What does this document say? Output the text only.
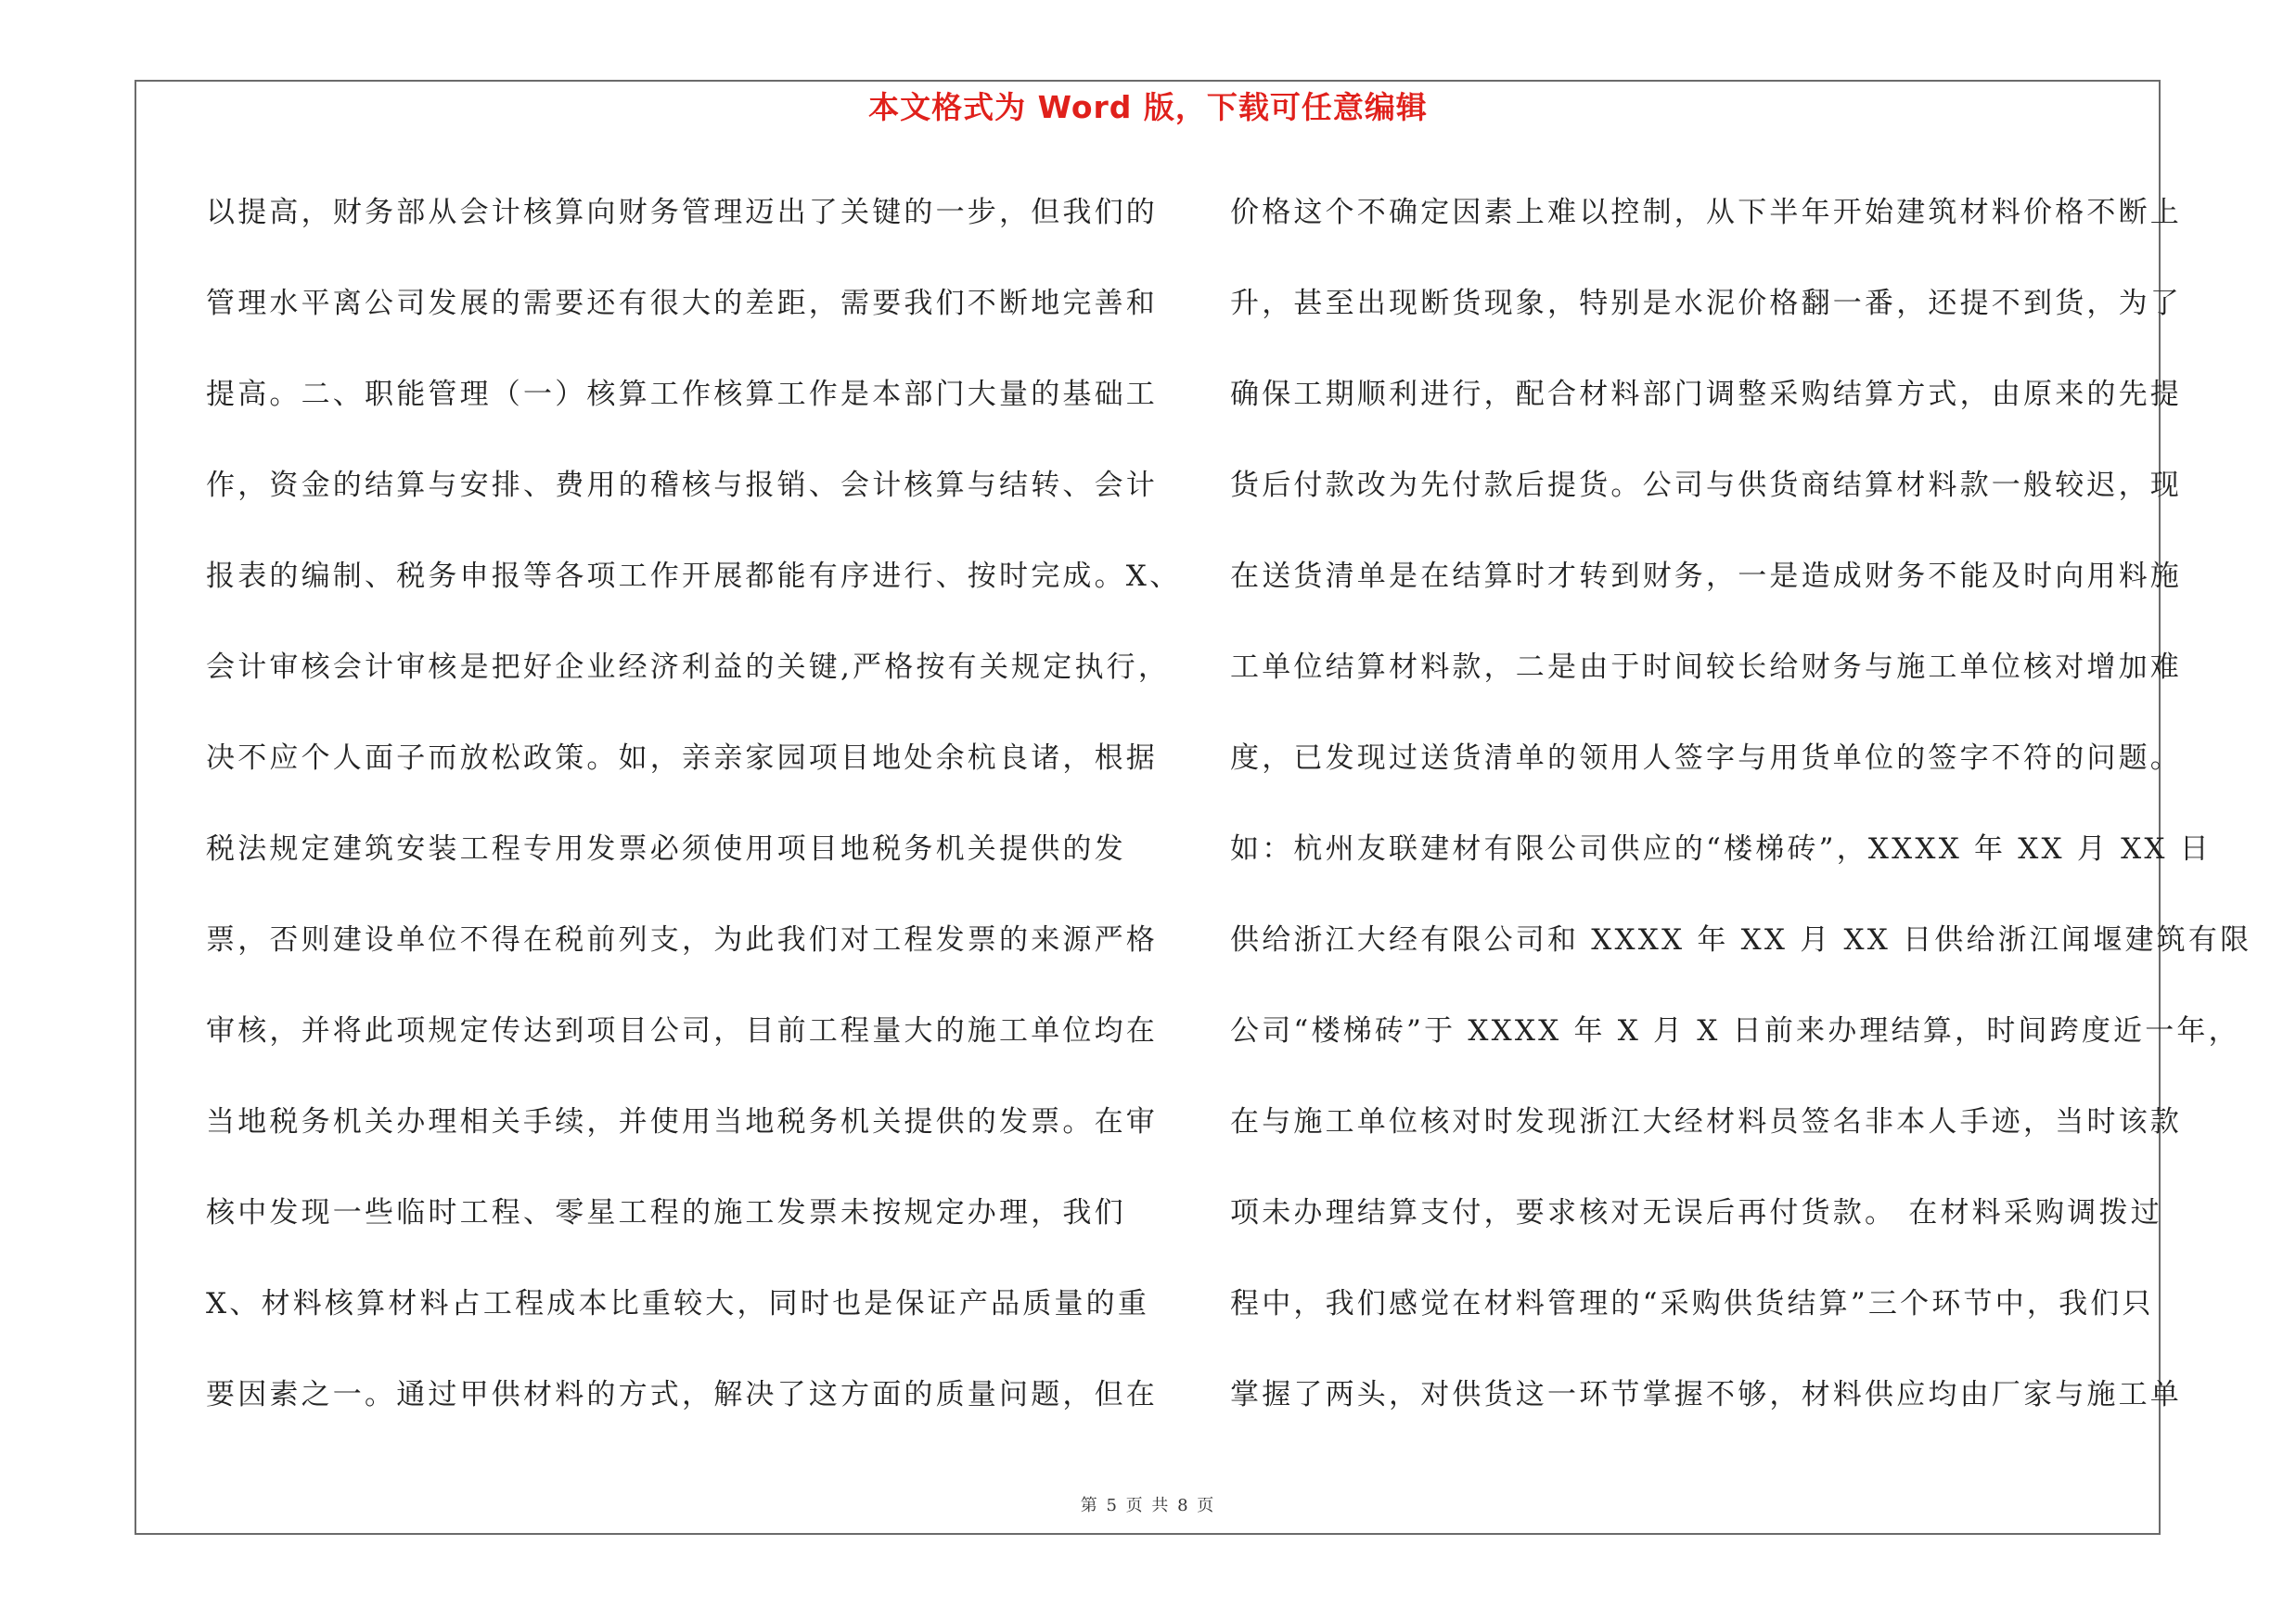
本文格式为 Word 版，下载可任意编辑
以提高，财务部从会计核算向财务管理迈出了关键的一步，但我们的
管理水平离公司发展的需要还有很大的差距，需要我们不断地完善和
提高。二、职能管理（一）核算工作核算工作是本部门大量的基础工
作，资金的结算与安排、费用的稽核与报销、会计核算与结转、会计
报表的编制、税务申报等各项工作开展都能有序进行、按时完成。X、
会计审核会计审核是把好企业经济利益的关键,严格按有关规定执行，
决不应个人面子而放松政策。如，亲亲家园项目地处余杭良诸，根据
税法规定建筑安装工程专用发票必须使用项目地税务机关提供的发
票，否则建设单位不得在税前列支，为此我们对工程发票的来源严格
审核，并将此项规定传达到项目公司，目前工程量大的施工单位均在
当地税务机关办理相关手续，并使用当地税务机关提供的发票。在审
核中发现一些临时工程、零星工程的施工发票未按规定办理，我们
X、材料核算材料占工程成本比重较大，同时也是保证产品质量的重
要因素之一。通过甲供材料的方式，解决了这方面的质量问题，但在
价格这个不确定因素上难以控制，从下半年开始建筑材料价格不断上
升，甚至出现断货现象，特别是水泥价格翻一番，还提不到货，为了
确保工期顺利进行，配合材料部门调整采购结算方式，由原来的先提
货后付款改为先付款后提货。公司与供货商结算材料款一般较迟，现
在送货清单是在结算时才转到财务，一是造成财务不能及时向用料施
工单位结算材料款，二是由于时间较长给财务与施工单位核对增加难
度，已发现过送货清单的领用人签字与用货单位的签字不符的问题。
如：杭州友联建材有限公司供应的“楼梯砖”，XXXX 年 XX 月 XX 日
供给浙江大经有限公司和 XXXX 年 XX 月 XX 日供给浙江闻堰建筑有限
公司“楼梯砖”于 XXXX 年 X 月 X 日前来办理结算，时间跨度近一年，
在与施工单位核对时发现浙江大经材料员签名非本人手迹，当时该款
项未办理结算支付，要求核对无误后再付货款。 在材料采购调拨过
程中，我们感觉在材料管理的“采购供货结算”三个环节中，我们只
掌握了两头，对供货这一环节掌握不够，材料供应均由厂家与施工单
第 5 页 共 8 页
